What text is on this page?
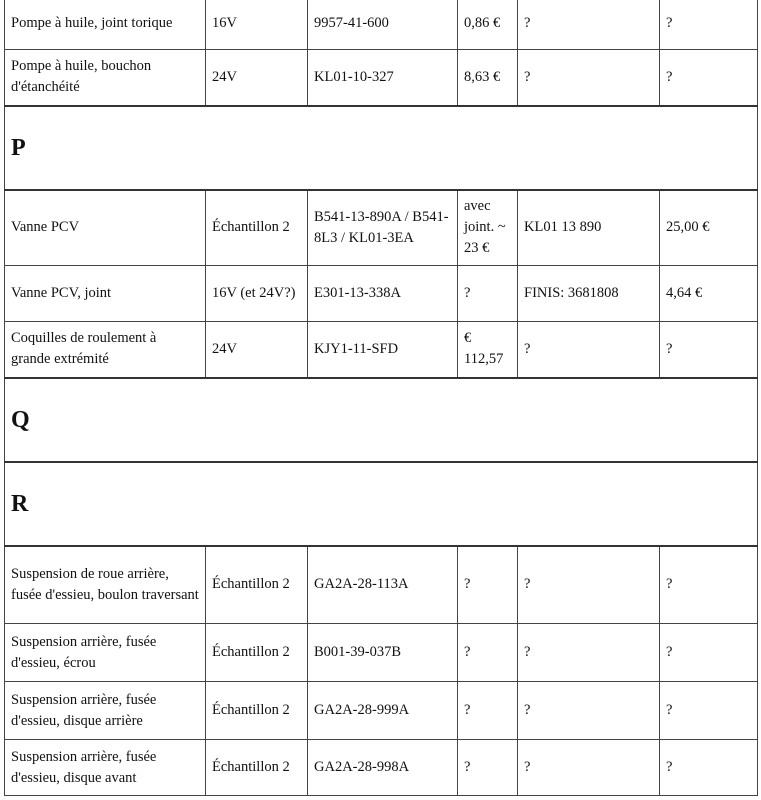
Pompe à huile, joint torique	16V	9957-41-600	0,86 €	?	?
Pompe à huile, bouchon d'étanchéité	24V	KL01-10-327	8,63 €	?	?
P					
Vanne PCV	Échantillon 2	B541-13-890A / B541-8L3 / KL01-3EA	avec joint. ~ 23 €	KL01 13 890	25,00 €
Vanne PCV, joint	16V (et 24V?)	E301-13-338A	?	FINIS: 3681808	4,64 €
Coquilles de roulement à grande extrémité	24V	KJY1-11-SFD	€ 112,57	?	?
Q					
R					
Suspension de roue arrière, fusée d'essieu, boulon traversant	Échantillon 2	GA2A-28-113A	?	?	?
Suspension arrière, fusée d'essieu, écrou	Échantillon 2	B001-39-037B	?	?	?
Suspension arrière, fusée d'essieu, disque arrière	Échantillon 2	GA2A-28-999A	?	?	?
Suspension arrière, fusée d'essieu, disque avant	Échantillon 2	GA2A-28-998A	?	?	?
